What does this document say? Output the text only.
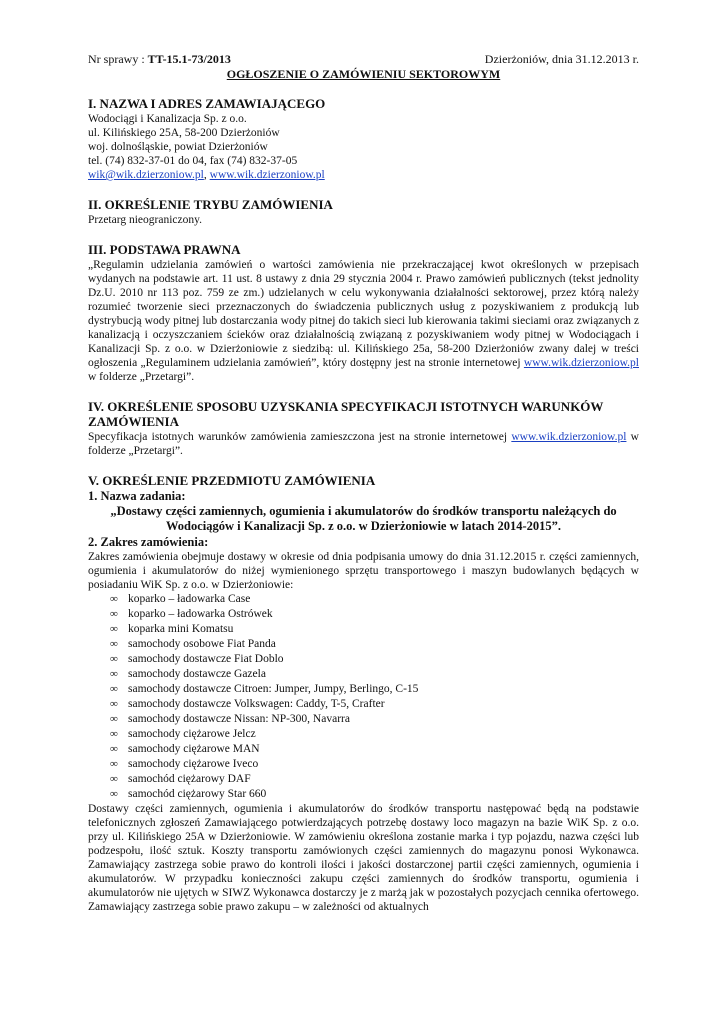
Nr sprawy : TT-15.1-73/2013	Dzierżoniów, dnia 31.12.2013 r.
OGŁOSZENIE O ZAMÓWIENIU SEKTOROWYM
I. NAZWA I ADRES ZAMAWIAJĄCEGO

Wodociągi i Kanalizacja Sp. z o.o.

ul. Kilińskiego 25A, 58-200 Dzierżoniów

woj. dolnośląskie, powiat Dzierżoniów

tel. (74) 832-37-01 do 04, fax (74) 832-37-05

wik@wik.dzierzoniow.pl, www.wik.dzierzoniow.pl

II. OKREŚLENIE TRYBU ZAMÓWIENIA

Przetarg nieograniczony.

III. PODSTAWA PRAWNA

„Regulamin udzielania zamówień o wartości zamówienia nie przekraczającej kwot określonych w przepisach wydanych na podstawie art. 11 ust. 8 ustawy z dnia 29 stycznia 2004 r. Prawo zamówień publicznych (tekst jednolity Dz.U. 2010 nr 113 poz. 759 ze zm.) udzielanych w celu wykonywania działalności sektorowej, przez którą należy rozumieć tworzenie sieci przeznaczonych do świadczenia publicznych usług z pozyskiwaniem z produkcją lub dystrybucją wody pitnej lub dostarczania wody pitnej do takich sieci lub kierowania takimi sieciami oraz związanych z kanalizacją i oczyszczaniem ścieków oraz działalnością związaną z pozyskiwaniem wody pitnej w Wodociągach i Kanalizacji Sp. z o.o. w Dzierżoniowie z siedzibą: ul. Kilińskiego 25a, 58-200 Dzierżoniów zwany dalej w treści ogłoszenia „Regulaminem udzielania zamówień”, który dostępny jest na stronie internetowej www.wik.dzierzoniow.pl w folderze „Przetargi”.

IV. OKREŚLENIE SPOSOBU UZYSKANIA SPECYFIKACJI ISTOTNYCH WARUNKÓW ZAMÓWIENIA

Specyfikacja istotnych warunków zamówienia zamieszczona jest na stronie internetowej www.wik.dzierzoniow.pl w folderze „Przetargi”.

V. OKREŚLENIE PRZEDMIOTU ZAMÓWIENIA
1. Nazwa zadania:

„Dostawy części zamiennych, ogumienia i akumulatorów do środków transportu należących do Wodociągów i Kanalizacji Sp. z o.o. w Dzierżoniowie w latach 2014-2015”.

2. Zakres zamówienia:

Zakres zamówienia obejmuje dostawy w okresie od dnia podpisania umowy do dnia 31.12.2015 r. części zamiennych, ogumienia i akumulatorów do niżej wymienionego sprzętu transportowego i maszyn budowlanych będących w posiadaniu WiK Sp. z o.o. w Dzierżoniowie:

∞ koparko – ładowarka Case
∞ koparko – ładowarka Ostrówek
∞ koparka mini Komatsu
∞ samochody osobowe Fiat Panda
∞ samochody dostawcze Fiat Doblo
∞ samochody dostawcze Gazela
∞ samochody dostawcze Citroen: Jumper, Jumpy, Berlingo, C-15
∞ samochody dostawcze Volkswagen: Caddy, T-5, Crafter
∞ samochody dostawcze Nissan: NP-300, Navarra
∞ samochody ciężarowe Jelcz
∞ samochody ciężarowe MAN
∞ samochody ciężarowe Iveco
∞ samochód ciężarowy DAF
∞ samochód ciężarowy Star 660

Dostawy części zamiennych, ogumienia i akumulatorów do środków transportu następować będą na podstawie telefonicznych zgłoszeń Zamawiającego potwierdzających potrzebę dostawy loco magazyn na bazie WiK Sp. z o.o. przy ul. Kilińskiego 25A w Dzierżoniowie. W zamówieniu określona zostanie marka i typ pojazdu, nazwa części lub podzespołu, ilość sztuk. Koszty transportu zamówionych części zamiennych do magazynu ponosi Wykonawca. Zamawiający zastrzega sobie prawo do kontroli ilości i jakości dostarczonej partii części zamiennych, ogumienia i akumulatorów. W przypadku konieczności zakupu części zamiennych do środków transportu, ogumienia i akumulatorów nie ujętych w SIWZ Wykonawca dostarczy je z marżą jak w pozostałych pozycjach cennika ofertowego. Zamawiający zastrzega sobie prawo zakupu – w zależności od aktualnych
